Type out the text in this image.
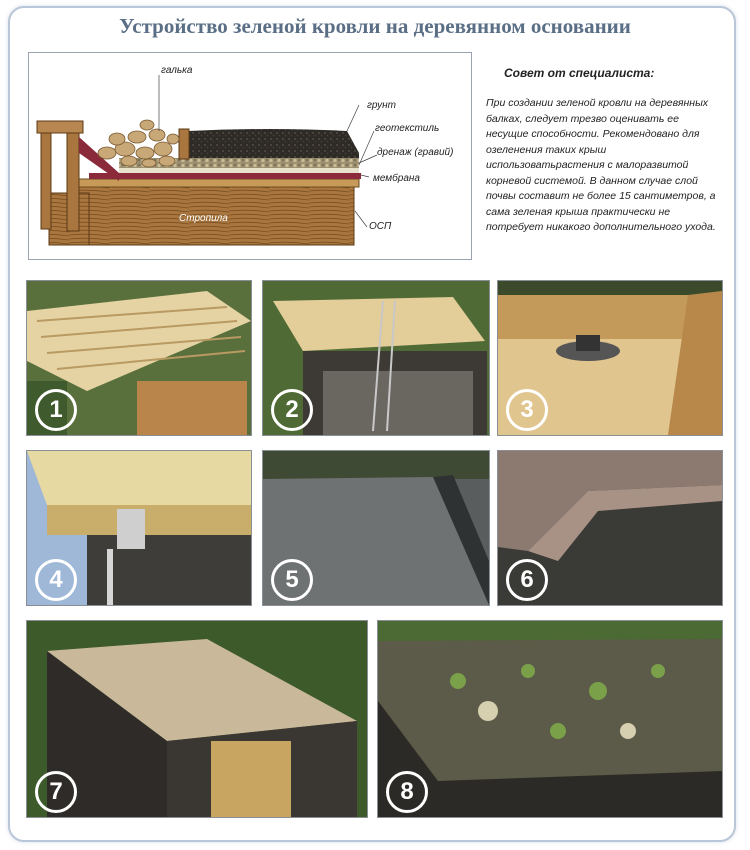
Устройство зеленой кровли на деревянном основании
галька
грунт
геотекстиль
дренаж (гравий)
мембрана
ОСП
Стропила
Совет от специалиста:
При создании зеленой кровли на деревянных балках, следует трезво оценивать ее несущие способности. Рекомендовано для озеленения таких крыш использоватьрастения с малоразвитой корневой системой. В данном случае слой почвы составит не более 15 сантиметров, а сама зеленая крыша практически не потребует никакого дополнительного ухода.
1	2	3
4	5	6
7	8
